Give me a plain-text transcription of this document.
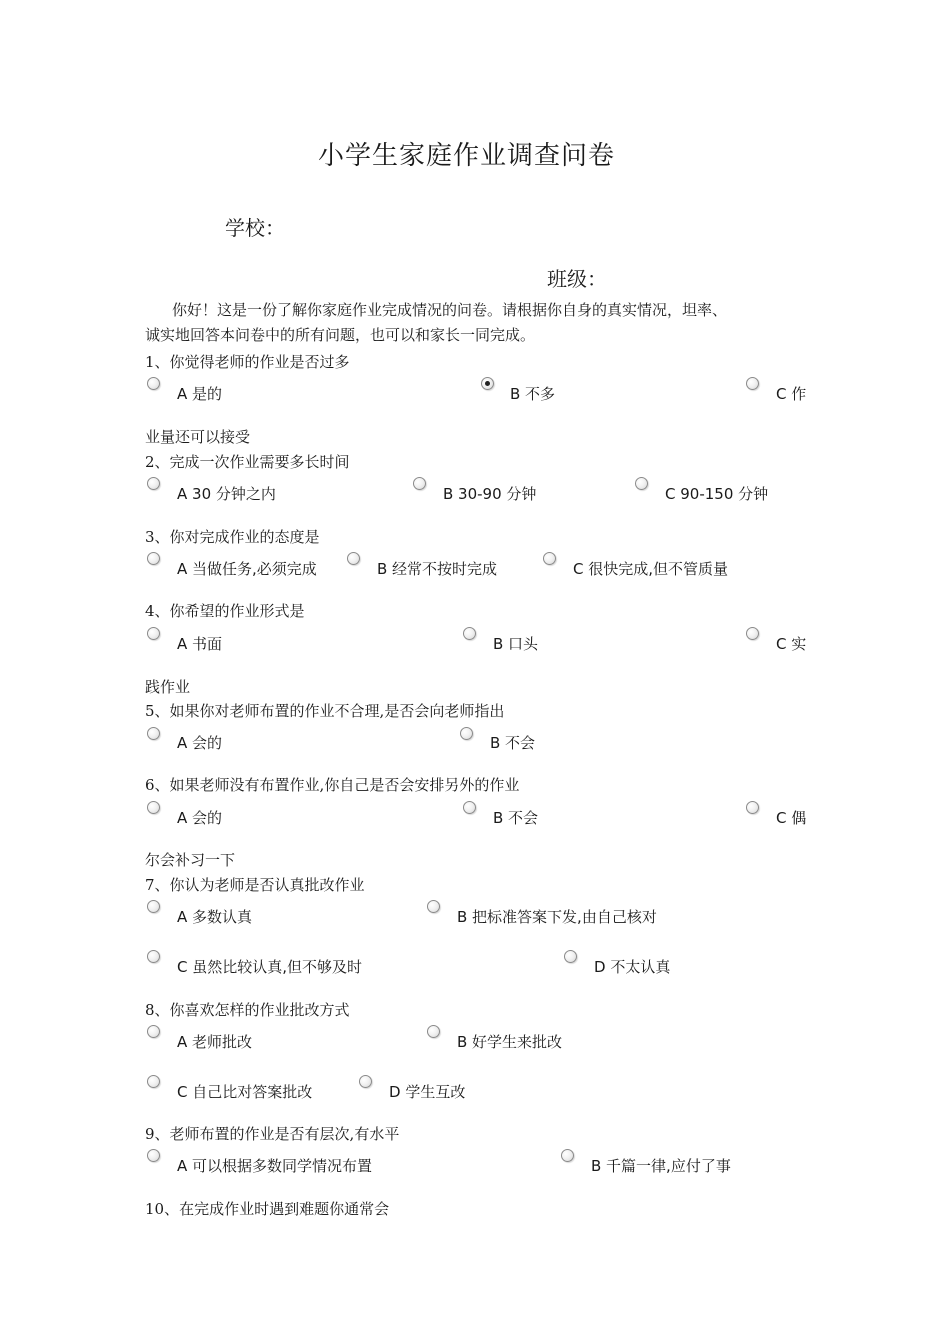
小学生家庭作业调查问卷
学校：
班级：
你好！这是一份了解你家庭作业完成情况的问卷。请根据你自身的真实情况，坦率、
诚实地回答本问卷中的所有问题，也可以和家长一同完成。
1、你觉得老师的作业是否过多
A 是的	B 不多	C 作
业量还可以接受
2、完成一次作业需要多长时间
A 30 分钟之内	B 30-90 分钟	C 90-150 分钟
3、你对完成作业的态度是
A 当做任务,必须完成	B 经常不按时完成	C 很快完成,但不管质量
4、你希望的作业形式是
A 书面	B 口头	C 实
践作业
5、如果你对老师布置的作业不合理,是否会向老师指出
A 会的	B 不会
6、如果老师没有布置作业,你自己是否会安排另外的作业
A 会的	B 不会	C 偶
尔会补习一下
7、你认为老师是否认真批改作业
A 多数认真	B 把标准答案下发,由自己核对
C 虽然比较认真,但不够及时	D 不太认真
8、你喜欢怎样的作业批改方式
A 老师批改	B 好学生来批改
C 自己比对答案批改	D 学生互改
9、老师布置的作业是否有层次,有水平
A 可以根据多数同学情况布置	B 千篇一律,应付了事
10、在完成作业时遇到难题你通常会
